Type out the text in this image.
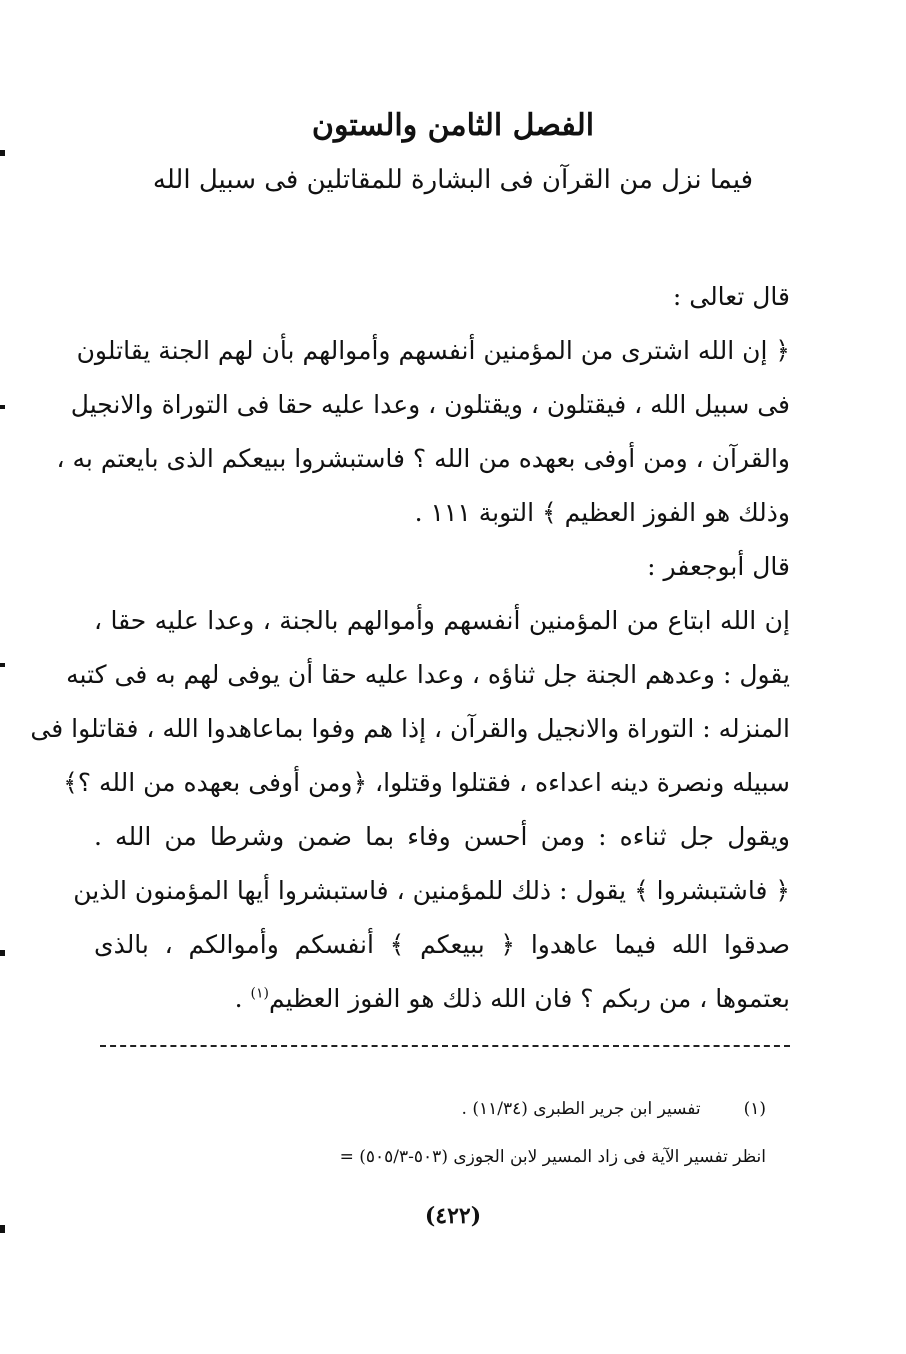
الفصل الثامن والستون
فيما نزل من القرآن فى البشارة للمقاتلين فى سبيل الله
قال تعالى :
﴿ إن الله اشترى من المؤمنين أنفسهم وأموالهم بأن لهم الجنة يقاتلون
فى سبيل الله ، فيقتلون ، ويقتلون ، وعدا عليه حقا فى التوراة والانجيل
والقرآن ، ومن أوفى بعهده من الله ؟ فاستبشروا ببيعكم الذى بايعتم به ،
وذلك هو الفوز العظيم ﴾ التوبة ١١١ .
قال أبوجعفر :
إن الله ابتاع من المؤمنين أنفسهم وأموالهم بالجنة ، وعدا عليه حقا ،
يقول : وعدهم الجنة جل ثناؤه ، وعدا عليه حقا أن يوفى لهم به فى كتبه
المنزله : التوراة والانجيل والقرآن ، إذا هم وفوا بماعاهدوا الله ، فقاتلوا فى
سبيله ونصرة دينه اعداءه ، فقتلوا وقتلوا، ﴿ومن أوفى بعهده من الله ؟﴾
ويقول جل ثناءه : ومن أحسن وفاء بما ضمن وشرطا من الله .
﴿ فاشتبشروا ﴾ يقول : ذلك للمؤمنين ، فاستبشروا أيها المؤمنون الذين
صدقوا الله فيما عاهدوا ﴿ ببيعكم ﴾ أنفسكم وأموالكم ، بالذى
بعتموها ، من ربكم ؟ فان الله ذلك هو الفوز العظيم$^{(١)}$ .
(١) تفسير ابن جرير الطبرى (١١/٣٤) .
انظر تفسير الآية فى زاد المسير لابن الجوزى (٥٠٣-٥٠٥/٣) =
(٤٢٢)
